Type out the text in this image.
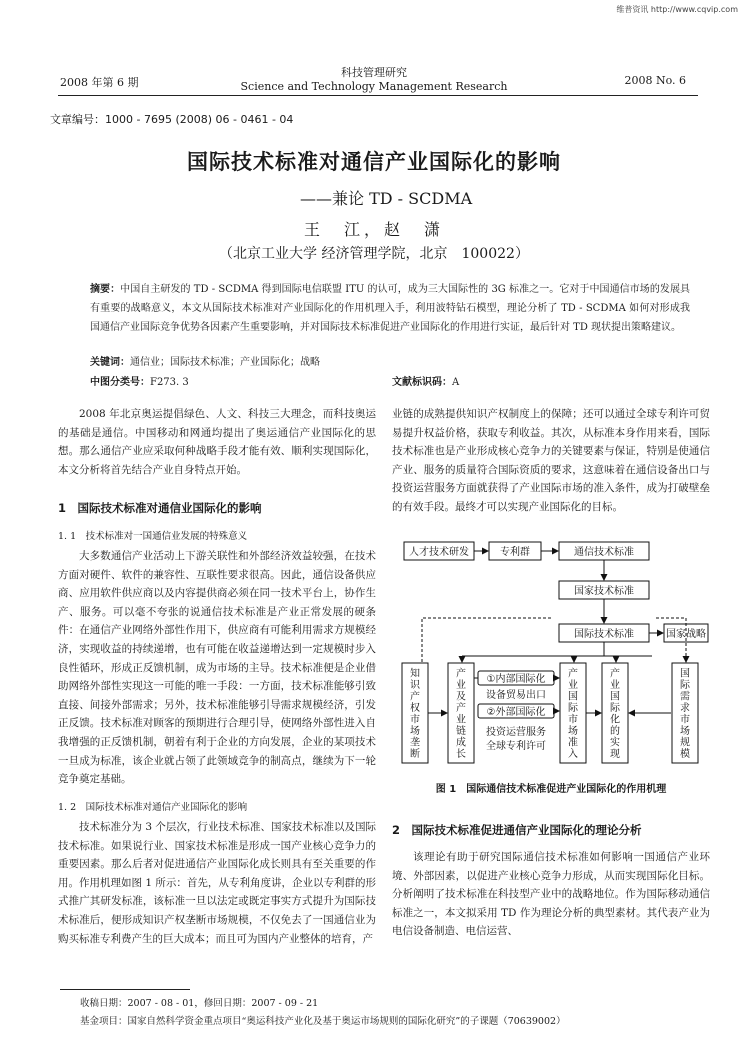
维普资讯 http://www.cqvip.com
2008 年第 6 期
科技管理研究
Science and Technology Management Research	2008 No. 6
文章编号：1000 - 7695 (2008) 06 - 0461 - 04
国际技术标准对通信产业国际化的影响
——兼论 TD - SCDMA
王　江，赵　潇
（北京工业大学 经济管理学院，北京　100022）
摘要：中国自主研发的 TD - SCDMA 得到国际电信联盟 ITU 的认可，成为三大国际性的 3G 标准之一。它对于中国通信市场的发展具有重要的战略意义，本文从国际技术标准对产业国际化的作用机理入手，利用波特钻石模型，理论分析了 TD - SCDMA 如何对形成我国通信产业国际竞争优势各因素产生重要影响，并对国际技术标准促进产业国际化的作用进行实证，最后针对 TD 现状提出策略建议。
关键词：通信业；国际技术标准；产业国际化；战略
中图分类号：F273. 3	文献标识码：A

2008 年北京奥运提倡绿色、人文、科技三大理念，而科技奥运的基础是通信。中国移动和网通均提出了奥运通信产业国际化的思想。那么通信产业应采取何种战略手段才能有效、顺利实现国际化，本文分析将首先结合产业自身特点开始。

1　国际技术标准对通信业国际化的影响
1. 1　技术标准对一国通信业发展的特殊意义

大多数通信产业活动上下游关联性和外部经济效益较强，在技术方面对硬件、软件的兼容性、互联性要求很高。因此，通信设备供应商、应用软件供应商以及内容提供商必须在同一技术平台上，协作生产、服务。可以毫不夸张的说通信技术标准是产业正常发展的硬条件：在通信产业网络外部性作用下，供应商有可能利用需求方规模经济，实现收益的持续递增，也有可能在收益递增达到一定规模时步入良性循环，形成正反馈机制，成为市场的主导。技术标准便是企业借助网络外部性实现这一可能的唯一手段：一方面，技术标准能够引致直接、间接外部需求；另外，技术标准能够引导需求规模经济，引发正反馈。技术标准对顾客的预期进行合理引导，使网络外部性进入自我增强的正反馈机制，朝着有利于企业的方向发展，企业的某项技术一旦成为标准，该企业就占领了此领域竞争的制高点，继续为下一轮竞争奠定基础。

1. 2　国际技术标准对通信产业国际化的影响

技术标准分为 3 个层次，行业技术标准、国家技术标准以及国际技术标准。如果说行业、国家技术标准是形成一国产业核心竞争力的重要因素。那么后者对促进通信产业国际化成长则具有至关重要的作用。作用机理如图 1 所示：首先，从专利角度讲，企业以专利群的形式推广其研发标准，该标准一旦以法定或既定事实方式提升为国际技术标准后，便形成知识产权垄断市场规模，不仅免去了一国通信业为购买标准专利费产生的巨大成本；而且可为国内产业整体的培育，产

业链的成熟提供知识产权制度上的保障；还可以通过全球专利许可贸易提升权益价格，获取专利收益。其次，从标准本身作用来看，国际技术标准也是产业形成核心竞争力的关键要素与保证，特别是使通信产业、服务的质量符合国际资质的要求，这意味着在通信设备出口与投资运营服务方面就获得了产业国际市场的准入条件，成为打破壁垒的有效手段。最终才可以实现产业国际化的目标。

人才技术研发	专利群	通信技术标准
国家技术标准
国际技术标准	国家战略
知识产权市场垄断
产业及产业链成长
产业国际市场准入
产业国际化的实现
国际需求市场规模
①内部国际化
设备贸易出口
②外部国际化
投资运营服务
全球专利许可
图 1　国际通信技术标准促进产业国际化的作用机理
2　国际技术标准促进通信产业国际化的理论分析

该理论有助于研究国际通信技术标准如何影响一国通信产业环境、外部因素，以促进产业核心竞争力形成，从而实现国际化目标。分析阐明了技术标准在科技型产业中的战略地位。作为国际移动通信标准之一，本文拟采用 TD 作为理论分析的典型素材。其代表产业为电信设备制造、电信运营、

收稿日期：2007 - 08 - 01，修回日期：2007 - 09 - 21
基金项目：国家自然科学资金重点项目“奥运科技产业化及基于奥运市场规则的国际化研究”的子课题（70639002）
